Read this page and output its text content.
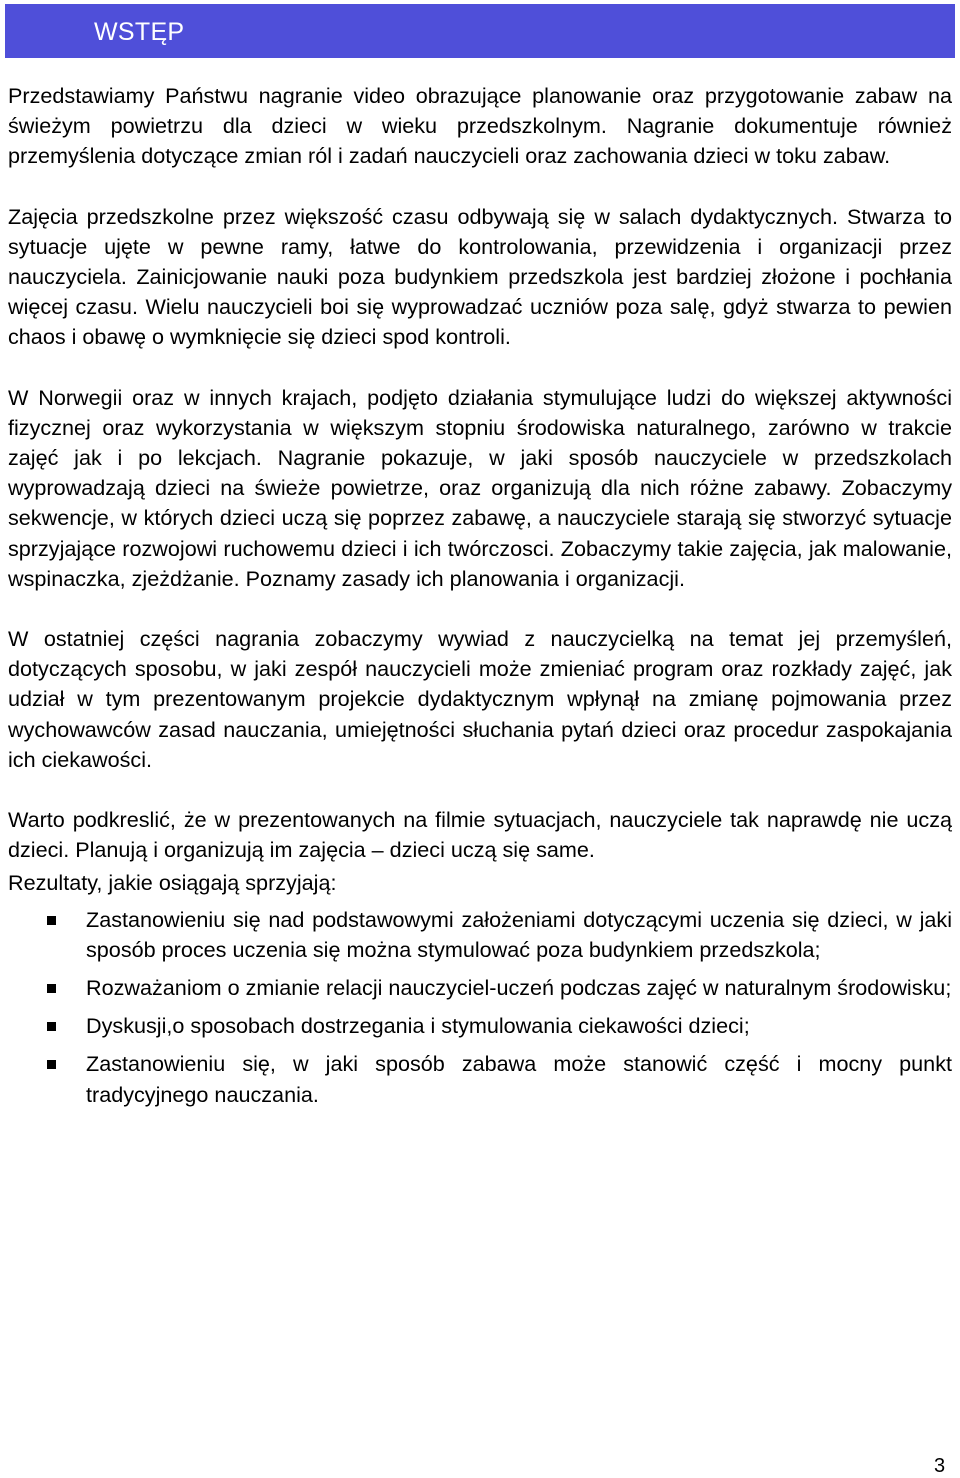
WSTĘP

Przedstawiamy Państwu nagranie video obrazujące planowanie oraz przygotowanie zabaw na świeżym powietrzu dla dzieci w wieku przedszkolnym. Nagranie dokumentuje również przemyślenia dotyczące zmian ról i zadań nauczycieli oraz zachowania dzieci w toku zabaw.

Zajęcia przedszkolne przez większość czasu odbywają się w salach dydaktycznych. Stwarza to sytuacje ujęte w pewne ramy, łatwe do kontrolowania, przewidzenia i organizacji przez nauczyciela. Zainicjowanie nauki poza budynkiem przedszkola jest bardziej złożone i pochłania więcej czasu. Wielu nauczycieli boi się wyprowadzać uczniów poza salę, gdyż stwarza to pewien chaos i obawę o wymknięcie się dzieci spod kontroli.

W Norwegii oraz w innych krajach, podjęto działania stymulujące ludzi do większej aktywności fizycznej oraz wykorzystania w większym stopniu środowiska naturalnego, zarówno w trakcie zajęć jak i po lekcjach. Nagranie pokazuje, w jaki sposób nauczyciele w przedszkolach wyprowadzają dzieci na świeże powietrze, oraz organizują dla nich różne zabawy. Zobaczymy sekwencje, w których dzieci uczą się poprzez zabawę, a nauczyciele starają się stworzyć sytuacje sprzyjające rozwojowi ruchowemu dzieci i ich twórczosci. Zobaczymy takie zajęcia, jak malowanie, wspinaczka, zjeżdżanie. Poznamy zasady ich planowania i organizacji.

W ostatniej części nagrania zobaczymy wywiad z nauczycielką na temat jej przemyśleń, dotyczących sposobu, w jaki zespół nauczycieli może zmieniać program oraz rozkłady zajęć, jak udział w tym prezentowanym projekcie dydaktycznym wpłynął na zmianę pojmowania przez wychowawców zasad nauczania, umiejętności słuchania pytań dzieci oraz procedur zaspokajania ich ciekawości.

Warto podkreslić, że w prezentowanych na filmie sytuacjach, nauczyciele tak naprawdę nie uczą dzieci. Planują i organizują im zajęcia – dzieci uczą się same.

Rezultaty, jakie osiągają sprzyjają:

Zastanowieniu się nad podstawowymi założeniami dotyczącymi uczenia się dzieci, w jaki sposób proces uczenia się można stymulować poza budynkiem przedszkola;
Rozważaniom o zmianie relacji nauczyciel-uczeń podczas zajęć w naturalnym środowisku;
Dyskusji,o sposobach dostrzegania i stymulowania ciekawości dzieci;
Zastanowieniu się, w jaki sposób zabawa może stanowić część i mocny punkt tradycyjnego nauczania.
3
